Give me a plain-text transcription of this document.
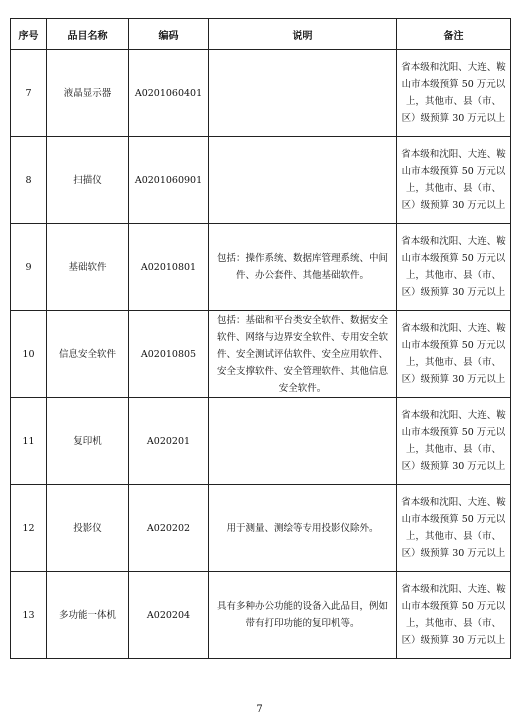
序号	品目名称	编码	说明	备注
7	液晶显示器	A0201060401		省本级和沈阳、大连、鞍山市本级预算 50 万元以上，其他市、县（市、区）级预算 30 万元以上
8	扫描仪	A0201060901		省本级和沈阳、大连、鞍山市本级预算 50 万元以上，其他市、县（市、区）级预算 30 万元以上
9	基础软件	A02010801	包括：操作系统、数据库管理系统、中间件、办公套件、其他基础软件。	省本级和沈阳、大连、鞍山市本级预算 50 万元以上，其他市、县（市、区）级预算 30 万元以上
10	信息安全软件	A02010805	包括：基础和平台类安全软件、数据安全软件、网络与边界安全软件、专用安全软件、安全测试评估软件、安全应用软件、安全支撑软件、安全管理软件、其他信息安全软件。	省本级和沈阳、大连、鞍山市本级预算 50 万元以上，其他市、县（市、区）级预算 30 万元以上
11	复印机	A020201		省本级和沈阳、大连、鞍山市本级预算 50 万元以上，其他市、县（市、区）级预算 30 万元以上
12	投影仪	A020202	用于测量、测绘等专用投影仪除外。	省本级和沈阳、大连、鞍山市本级预算 50 万元以上，其他市、县（市、区）级预算 30 万元以上
13	多功能一体机	A020204	具有多种办公功能的设备入此品目，例如带有打印功能的复印机等。	省本级和沈阳、大连、鞍山市本级预算 50 万元以上，其他市、县（市、区）级预算 30 万元以上
7
